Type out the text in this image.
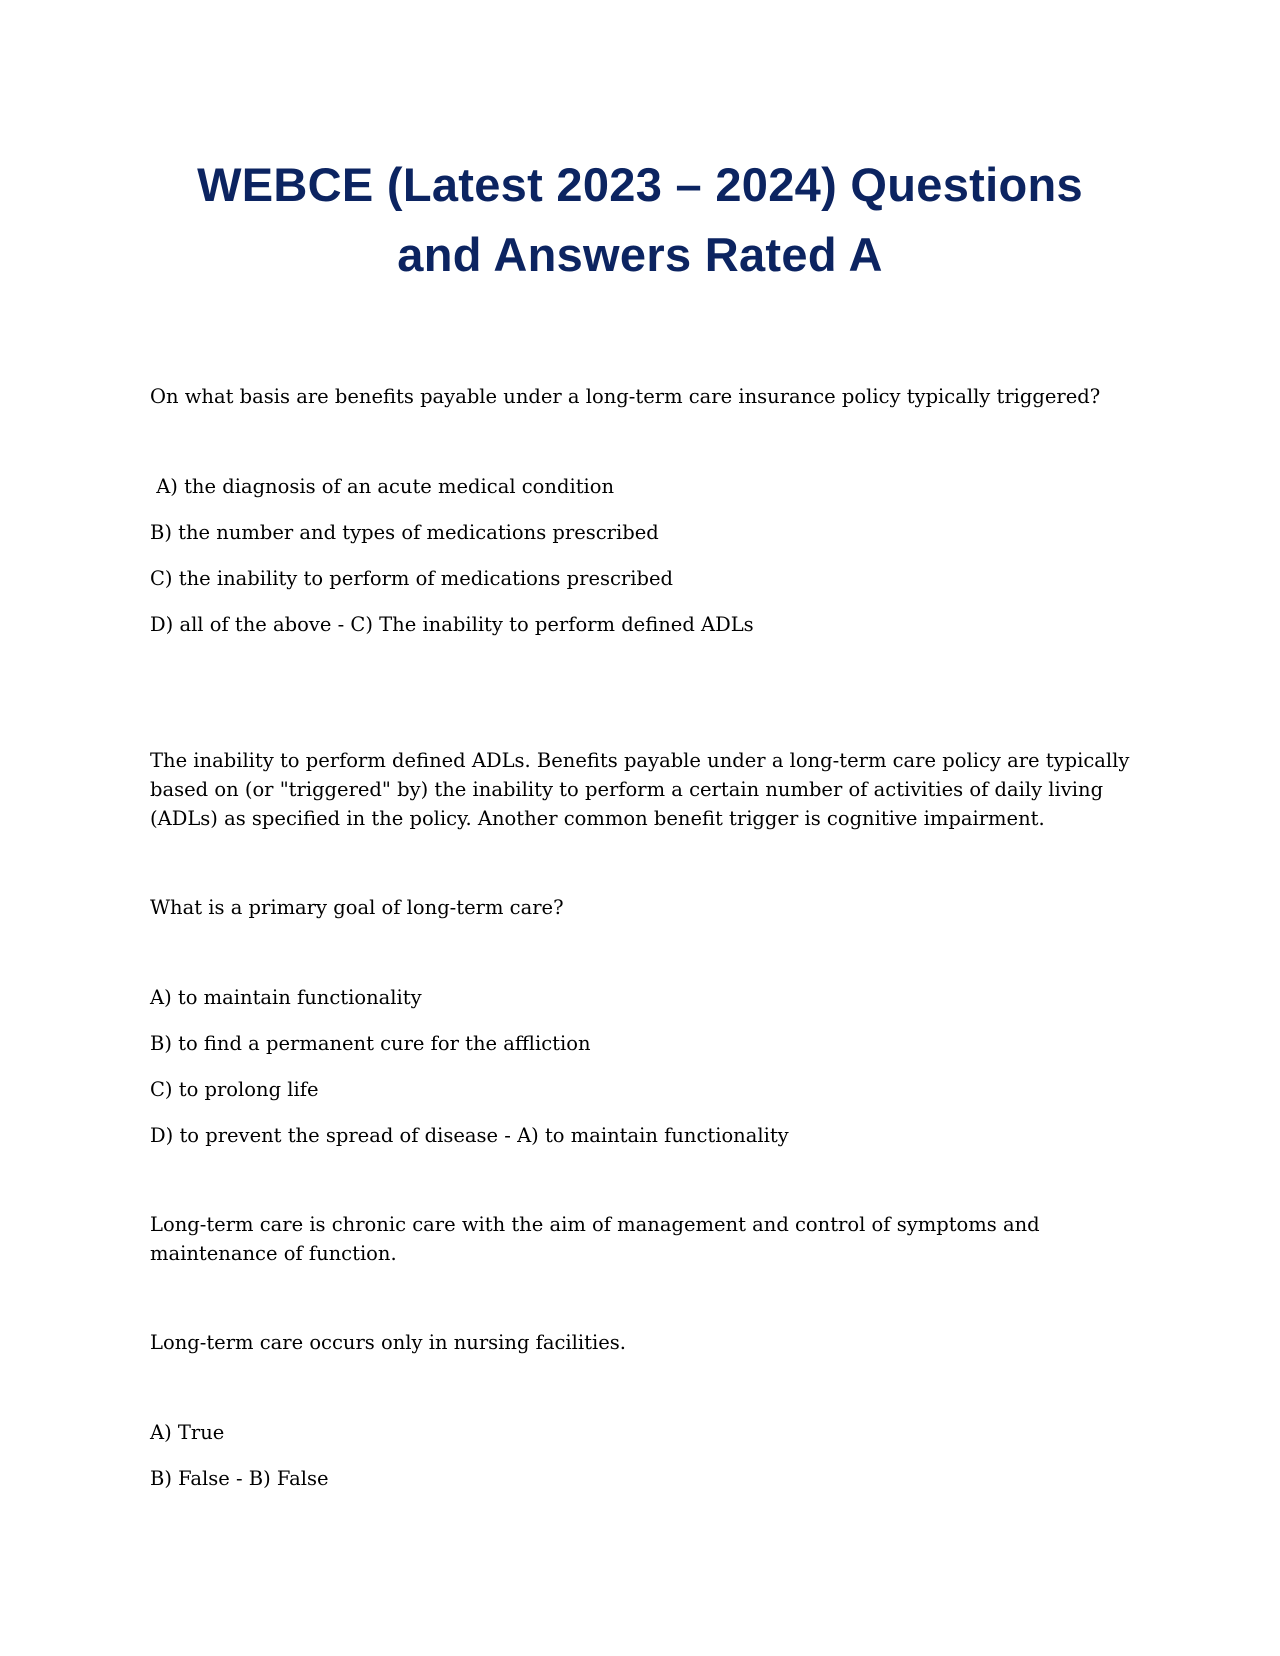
WEBCE (Latest 2023 – 2024) Questions
and Answers Rated A

On what basis are benefits payable under a long-term care insurance policy typically triggered?

A) the diagnosis of an acute medical condition

B) the number and types of medications prescribed

C) the inability to perform of medications prescribed

D) all of the above - C) The inability to perform defined ADLs

The inability to perform defined ADLs. Benefits payable under a long-term care policy are typically based on (or "triggered" by) the inability to perform a certain number of activities of daily living (ADLs) as specified in the policy. Another common benefit trigger is cognitive impairment.

What is a primary goal of long-term care?

A) to maintain functionality

B) to find a permanent cure for the affliction

C) to prolong life

D) to prevent the spread of disease - A) to maintain functionality

Long-term care is chronic care with the aim of management and control of symptoms and maintenance of function.

Long-term care occurs only in nursing facilities.

A) True

B) False - B) False
